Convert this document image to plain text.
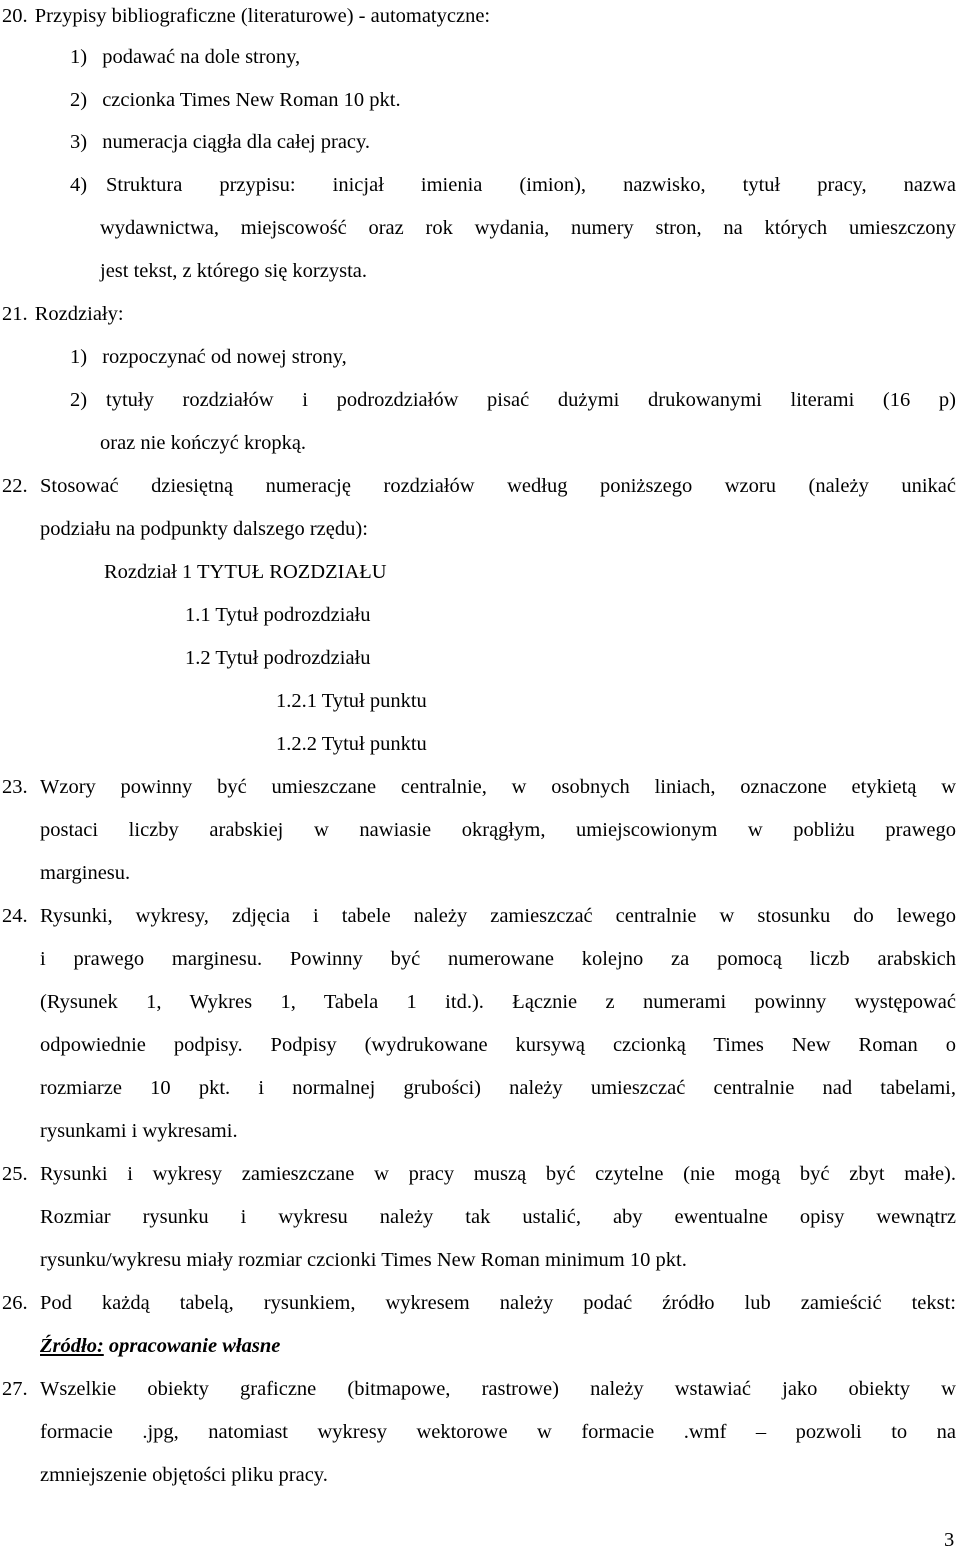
20. Przypisy bibliograficzne (literaturowe) - automatyczne:
1) podawać na dole strony,
2) czcionka Times New Roman 10 pkt.
3) numeracja ciągła dla całej pracy.
4) Struktura przypisu: inicjał imienia (imion), nazwisko, tytuł pracy, nazwa
wydawnictwa, miejscowość oraz rok wydania, numery stron, na których umieszczony
jest tekst, z którego się korzysta.
21. Rozdziały:
1) rozpoczynać od nowej strony,
2) tytuły rozdziałów i podrozdziałów pisać dużymi drukowanymi literami (16 p)
oraz nie kończyć kropką.
22. Stosować dziesiętną numerację rozdziałów według poniższego wzoru (należy unikać
podziału na podpunkty dalszego rzędu):
Rozdział 1 TYTUŁ ROZDZIAŁU
1.1 Tytuł podrozdziału
1.2 Tytuł podrozdziału
1.2.1 Tytuł punktu
1.2.2 Tytuł punktu
23. Wzory powinny być umieszczane centralnie, w osobnych liniach, oznaczone etykietą w
postaci liczby arabskiej w nawiasie okrągłym, umiejscowionym w pobliżu prawego
marginesu.
24. Rysunki, wykresy, zdjęcia i tabele należy zamieszczać centralnie w stosunku do lewego
i prawego marginesu. Powinny być numerowane kolejno za pomocą liczb arabskich
(Rysunek 1, Wykres 1, Tabela 1 itd.). Łącznie z numerami powinny występować
odpowiednie podpisy. Podpisy (wydrukowane kursywą czcionką Times New Roman o
rozmiarze 10 pkt. i normalnej grubości) należy umieszczać centralnie nad tabelami,
rysunkami i wykresami.
25. Rysunki i wykresy zamieszczane w pracy muszą być czytelne (nie mogą być zbyt małe).
Rozmiar rysunku i wykresu należy tak ustalić, aby ewentualne opisy wewnątrz
rysunku/wykresu miały rozmiar czcionki Times New Roman minimum 10 pkt.
26. Pod każdą tabelą, rysunkiem, wykresem należy podać źródło lub zamieścić tekst:
Źródło: opracowanie własne
27. Wszelkie obiekty graficzne (bitmapowe, rastrowe) należy wstawiać jako obiekty w
formacie .jpg, natomiast wykresy wektorowe w formacie .wmf – pozwoli to na
zmniejszenie objętości pliku pracy.
3
